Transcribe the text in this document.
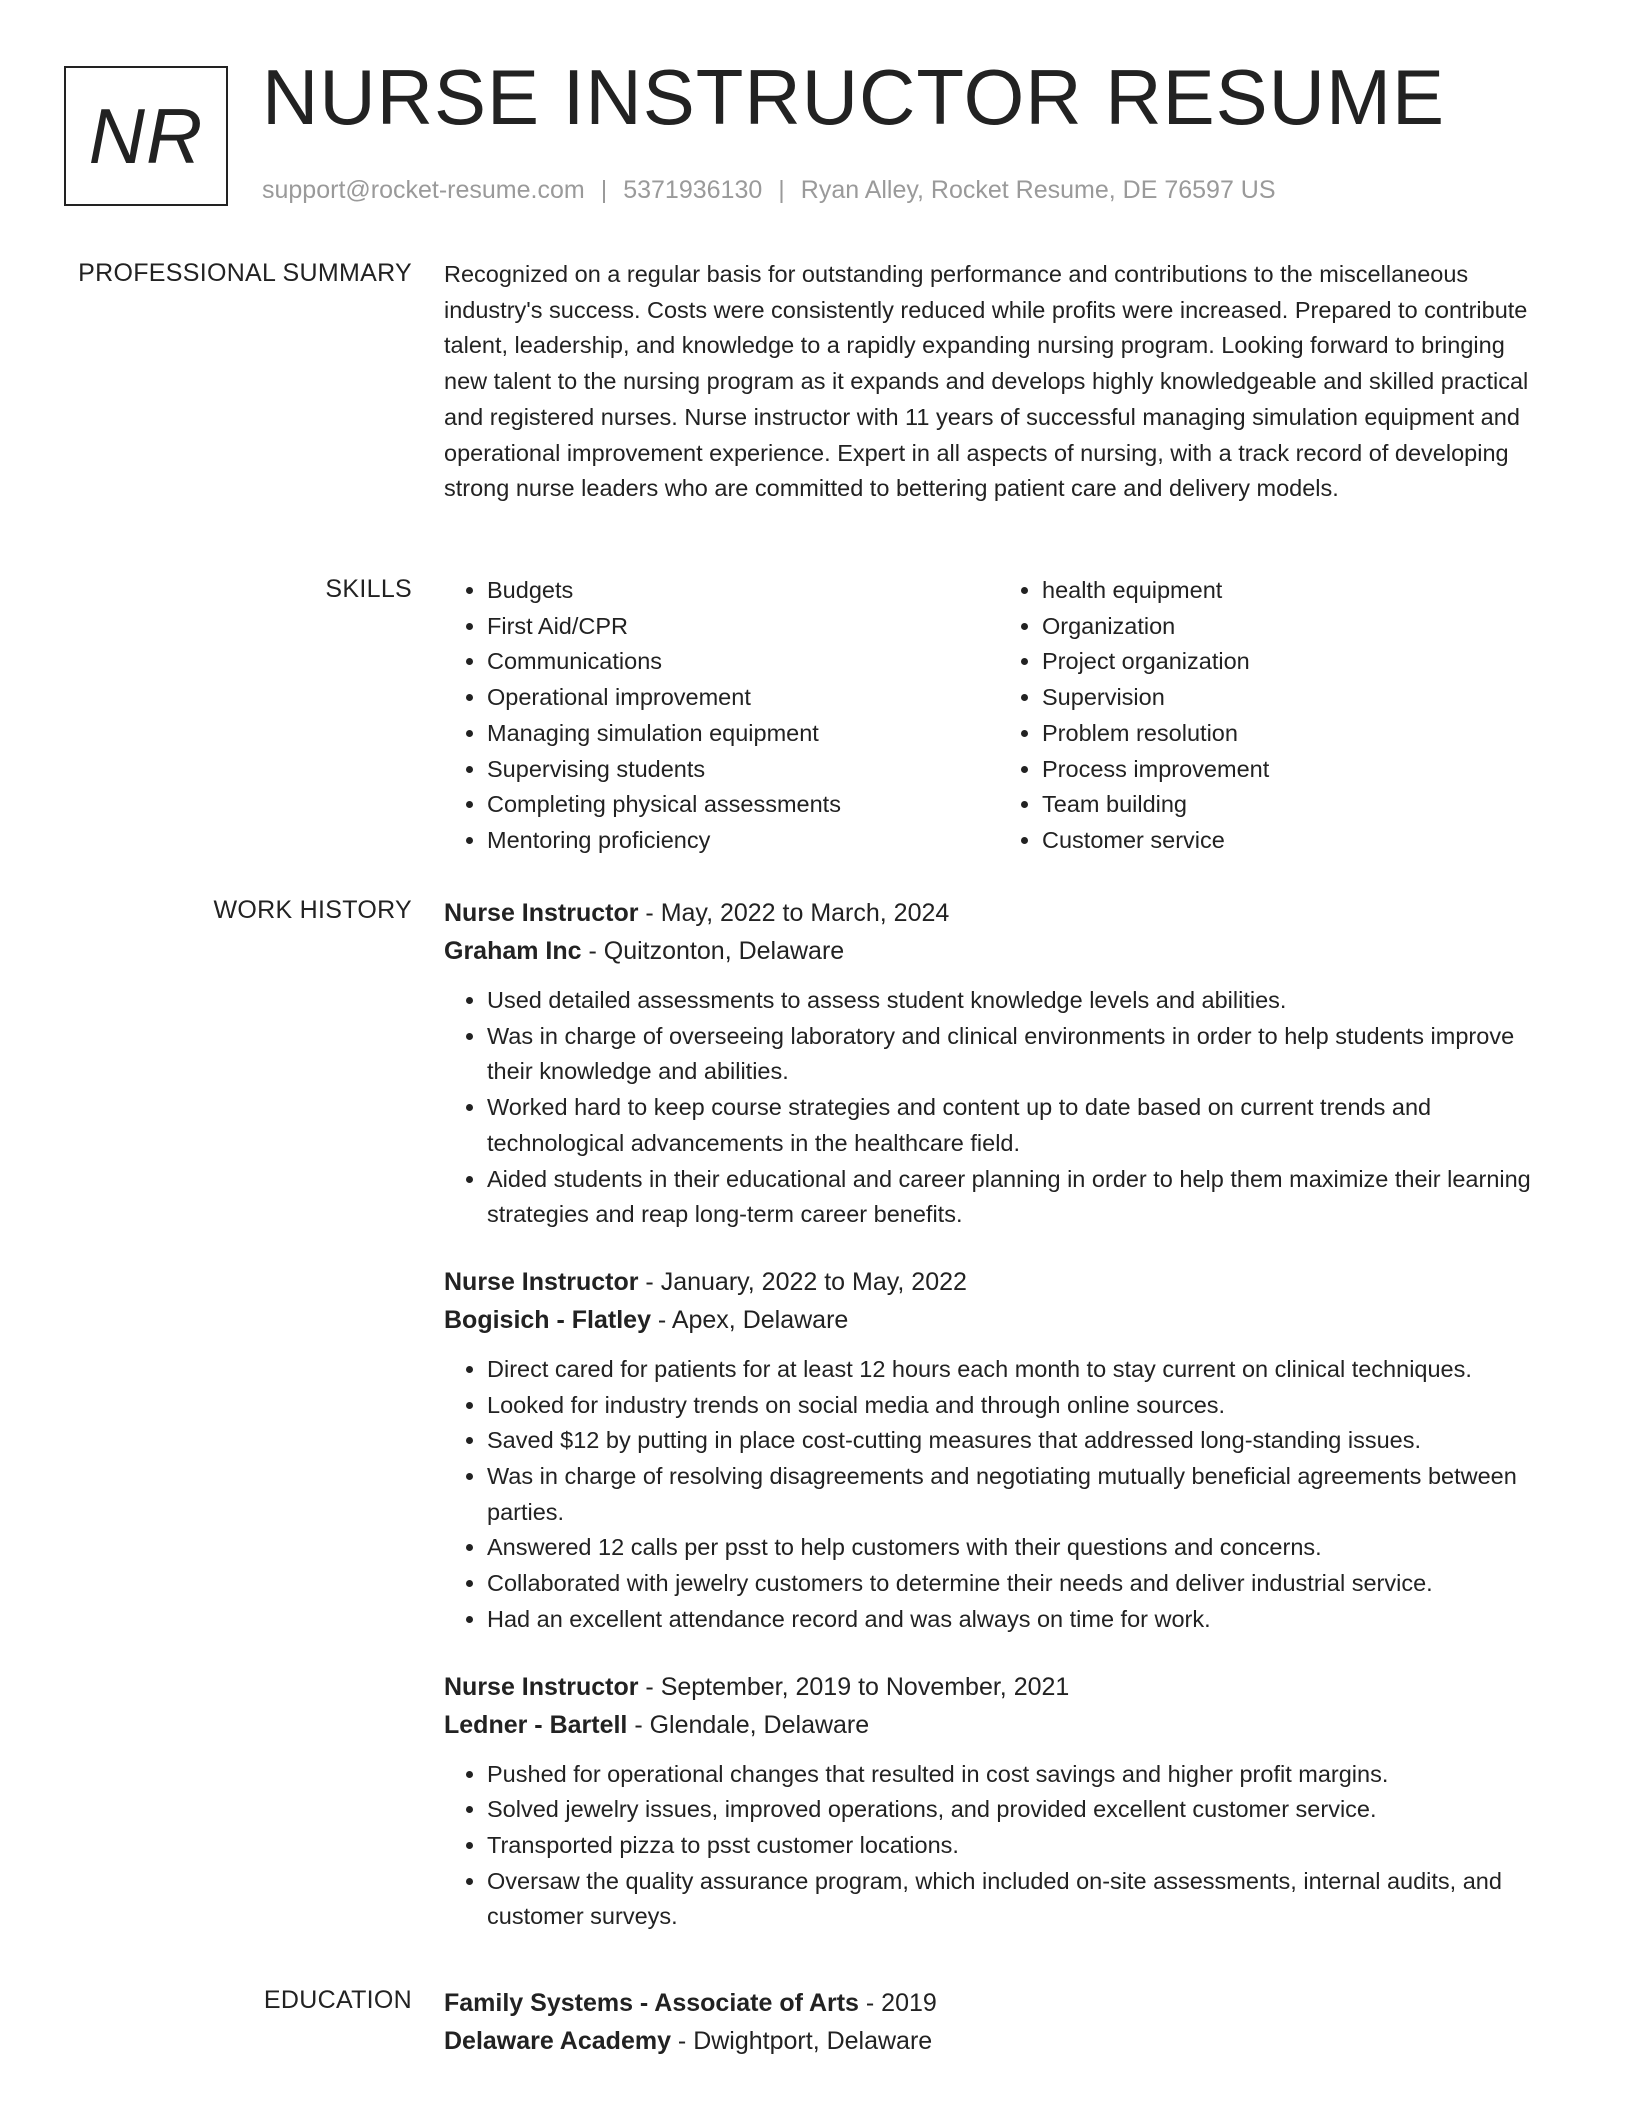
NR NURSE INSTRUCTOR RESUME
support@rocket-resume.com | 5371936130 | Ryan Alley, Rocket Resume, DE 76597 US
PROFESSIONAL SUMMARY Recognized on a regular basis for outstanding performance and contributions to the miscellaneous industry's success. Costs were consistently reduced while profits were increased. Prepared to contribute talent, leadership, and knowledge to a rapidly expanding nursing program. Looking forward to bringing new talent to the nursing program as it expands and develops highly knowledgeable and skilled practical and registered nurses. Nurse instructor with 11 years of successful managing simulation equipment and operational improvement experience. Expert in all aspects of nursing, with a track record of developing strong nurse leaders who are committed to bettering patient care and delivery models.

SKILLS
•	Budgets
• First Aid/CPR
• Communications
• Operational improvement
• Managing simulation equipment
• Supervising students
• Completing physical assessments
• Mentoring proficiency
• health equipment
• Organization
• Project organization
• Supervision
• Problem resolution
• Process improvement
• Team building
• Customer service
WORK HISTORY Nurse Instructor - May, 2022 to March, 2024
Graham Inc - Quitzonton, Delaware
• Used detailed assessments to assess student knowledge levels and abilities.
• Was in charge of overseeing laboratory and clinical environments in order to help students improve their knowledge and abilities.
• Worked hard to keep course strategies and content up to date based on current trends and technological advancements in the healthcare field.
• Aided students in their educational and career planning in order to help them maximize their learning strategies and reap long-term career benefits.
Nurse Instructor - January, 2022 to May, 2022
Bogisich - Flatley - Apex, Delaware
• Direct cared for patients for at least 12 hours each month to stay current on clinical techniques.
• Looked for industry trends on social media and through online sources.
• Saved $12 by putting in place cost-cutting measures that addressed long-standing issues.
• Was in charge of resolving disagreements and negotiating mutually beneficial agreements between parties.
• Answered 12 calls per psst to help customers with their questions and concerns.
• Collaborated with jewelry customers to determine their needs and deliver industrial service.
• Had an excellent attendance record and was always on time for work.
Nurse Instructor - September, 2019 to November, 2021
Ledner - Bartell - Glendale, Delaware
• Pushed for operational changes that resulted in cost savings and higher profit margins.
• Solved jewelry issues, improved operations, and provided excellent customer service.
• Transported pizza to psst customer locations.
• Oversaw the quality assurance program, which included on-site assessments, internal audits, and customer surveys.
EDUCATION Family Systems - Associate of Arts - 2019
Delaware Academy - Dwightport, Delaware
